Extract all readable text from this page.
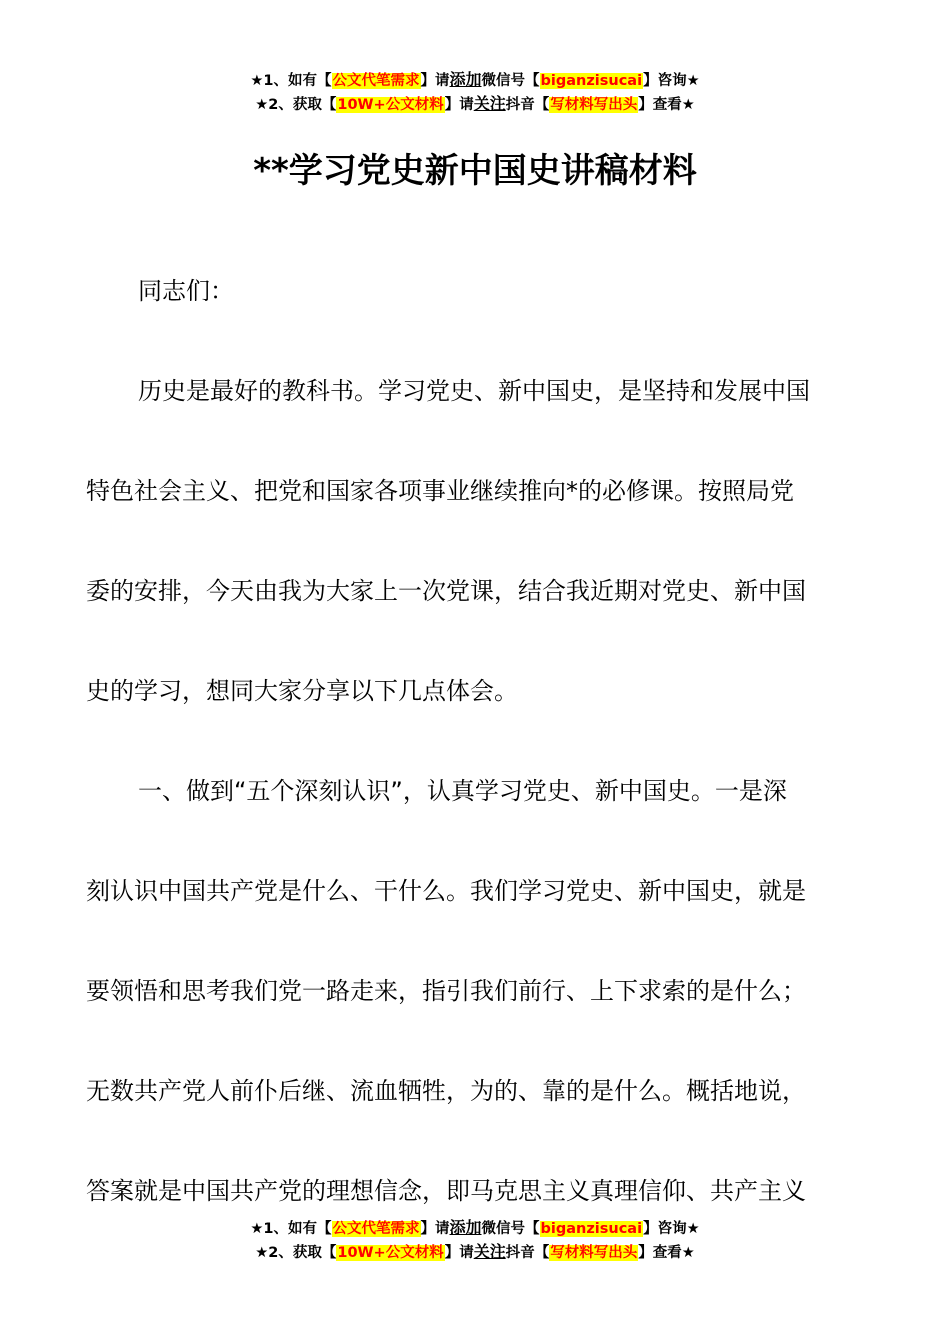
★1、如有【公文代笔需求】请添加微信号【biganzisucai】咨询★
★2、获取【10W+公文材料】请关注抖音【写材料写出头】查看★
**学习党史新中国史讲稿材料
同志们：
历史是最好的教科书。学习党史、新中国史，是坚持和发展中国
特色社会主义、把党和国家各项事业继续推向*的必修课。按照局党
委的安排，今天由我为大家上一次党课，结合我近期对党史、新中国
史的学习，想同大家分享以下几点体会。
一、做到“五个深刻认识”，认真学习党史、新中国史。一是深
刻认识中国共产党是什么、干什么。我们学习党史、新中国史，就是
要领悟和思考我们党一路走来，指引我们前行、上下求索的是什么；
无数共产党人前仆后继、流血牺牲，为的、靠的是什么。概括地说，
答案就是中国共产党的理想信念，即马克思主义真理信仰、共产主义
★1、如有【公文代笔需求】请添加微信号【biganzisucai】咨询★
★2、获取【10W+公文材料】请关注抖音【写材料写出头】查看★
